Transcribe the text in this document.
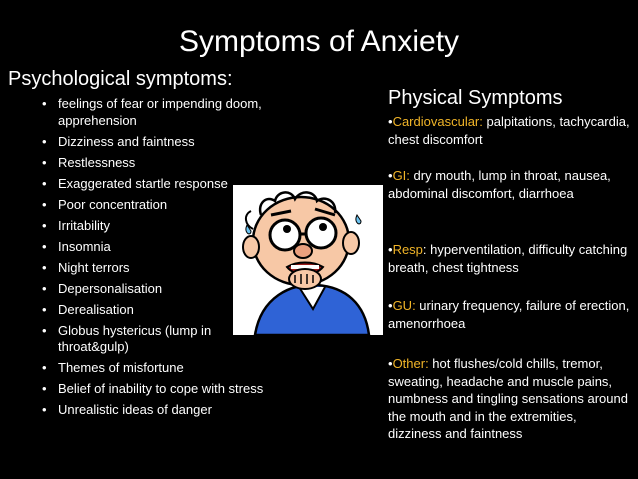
Symptoms of Anxiety
Psychological symptoms:
• feelings of fear or impending doom, apprehension
• Dizziness and faintness
• Restlessness
• Exaggerated startle response
• Poor concentration
• Irritability
• Insomnia
• Night terrors
• Depersonalisation
• Derealisation
• Globus hystericus (lump in throat&gulp)
• Themes of misfortune
• Belief of inability to cope with stress
• Unrealistic ideas of danger
Physical Symptoms
•Cardiovascular: palpitations, tachycardia, chest discomfort
•GI: dry mouth, lump in throat, nausea, abdominal discomfort, diarrhoea
•Resp: hyperventilation, difficulty catching breath, chest tightness
•GU: urinary frequency, failure of erection, amenorrhoea
•Other: hot flushes/cold chills, tremor, sweating, headache and muscle pains, numbness and tingling sensations around the mouth and in the extremities, dizziness and faintness
